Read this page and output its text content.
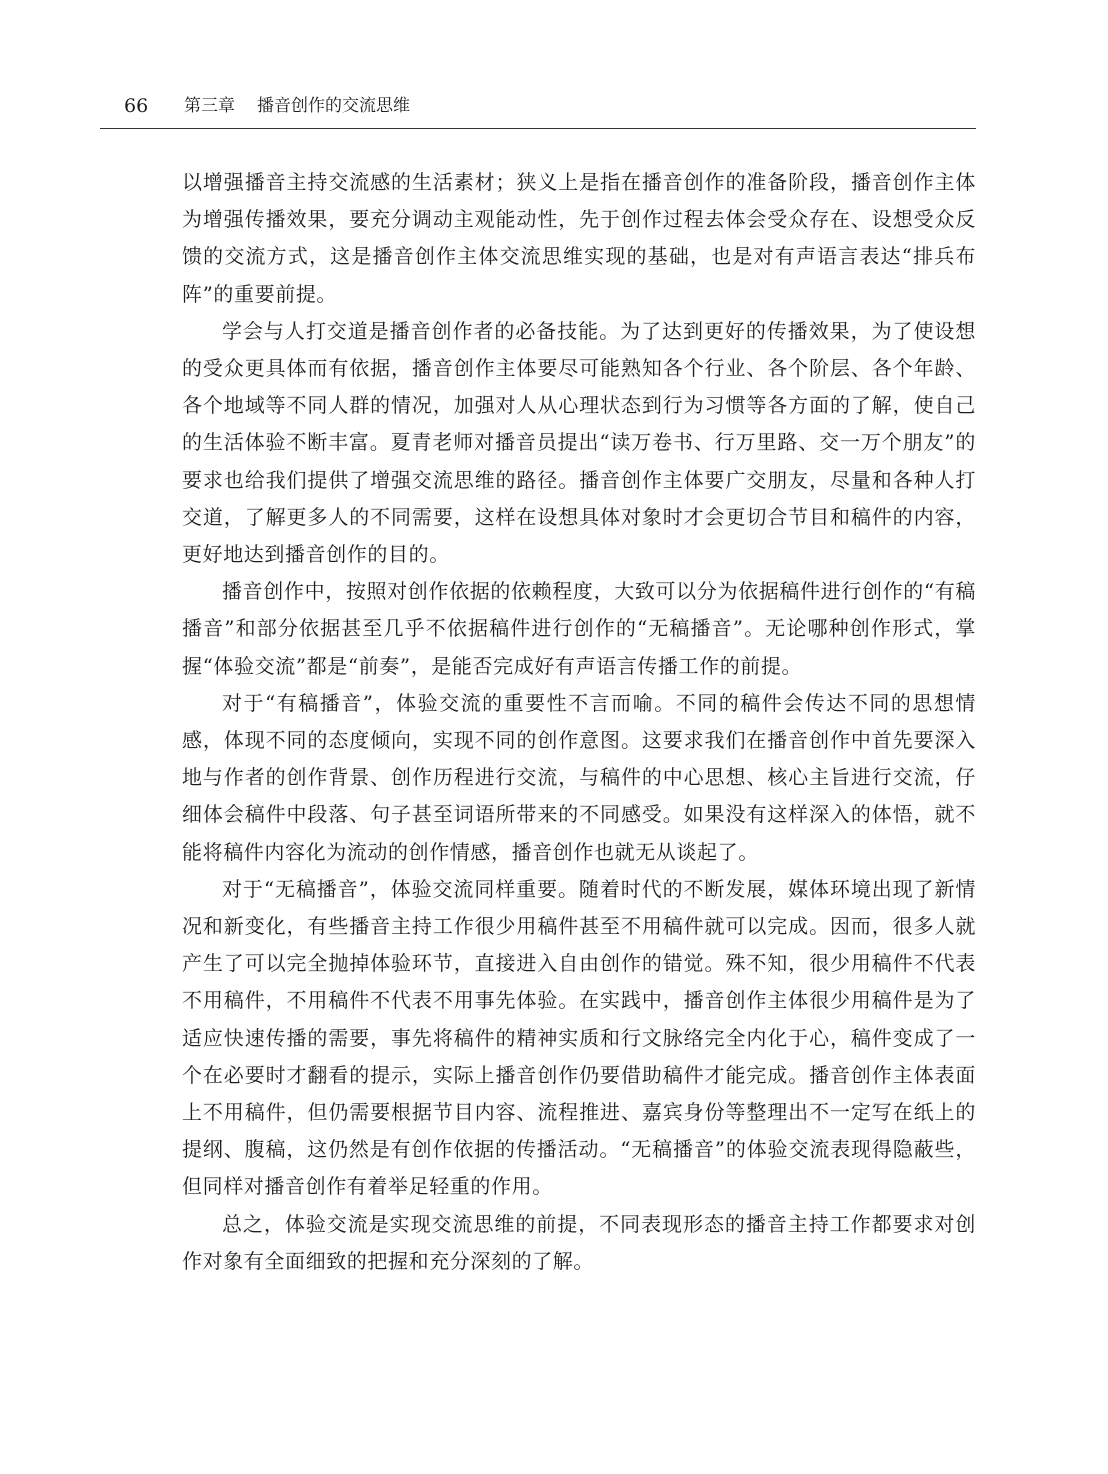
66 第三章 播音创作的交流思维

以增强播音主持交流感的生活素材；狭义上是指在播音创作的准备阶段，播音创作主体为增强传播效果，要充分调动主观能动性，先于创作过程去体会受众存在、设想受众反馈的交流方式，这是播音创作主体交流思维实现的基础，也是对有声语言表达“排兵布阵”的重要前提。

学会与人打交道是播音创作者的必备技能。为了达到更好的传播效果，为了使设想的受众更具体而有依据，播音创作主体要尽可能熟知各个行业、各个阶层、各个年龄、各个地域等不同人群的情况，加强对人从心理状态到行为习惯等各方面的了解，使自己的生活体验不断丰富。夏青老师对播音员提出“读万卷书、行万里路、交一万个朋友”的要求也给我们提供了增强交流思维的路径。播音创作主体要广交朋友，尽量和各种人打交道，了解更多人的不同需要，这样在设想具体对象时才会更切合节目和稿件的内容，更好地达到播音创作的目的。

播音创作中，按照对创作依据的依赖程度，大致可以分为依据稿件进行创作的“有稿播音”和部分依据甚至几乎不依据稿件进行创作的“无稿播音”。无论哪种创作形式，掌握“体验交流”都是“前奏”，是能否完成好有声语言传播工作的前提。

对于“有稿播音”，体验交流的重要性不言而喻。不同的稿件会传达不同的思想情感，体现不同的态度倾向，实现不同的创作意图。这要求我们在播音创作中首先要深入地与作者的创作背景、创作历程进行交流，与稿件的中心思想、核心主旨进行交流，仔细体会稿件中段落、句子甚至词语所带来的不同感受。如果没有这样深入的体悟，就不能将稿件内容化为流动的创作情感，播音创作也就无从谈起了。

对于“无稿播音”，体验交流同样重要。随着时代的不断发展，媒体环境出现了新情况和新变化，有些播音主持工作很少用稿件甚至不用稿件就可以完成。因而，很多人就产生了可以完全抛掉体验环节，直接进入自由创作的错觉。殊不知，很少用稿件不代表不用稿件，不用稿件不代表不用事先体验。在实践中，播音创作主体很少用稿件是为了适应快速传播的需要，事先将稿件的精神实质和行文脉络完全内化于心，稿件变成了一个在必要时才翻看的提示，实际上播音创作仍要借助稿件才能完成。播音创作主体表面上不用稿件，但仍需要根据节目内容、流程推进、嘉宾身份等整理出不一定写在纸上的提纲、腹稿，这仍然是有创作依据的传播活动。“无稿播音”的体验交流表现得隐蔽些，但同样对播音创作有着举足轻重的作用。

总之，体验交流是实现交流思维的前提，不同表现形态的播音主持工作都要求对创作对象有全面细致的把握和充分深刻的了解。
